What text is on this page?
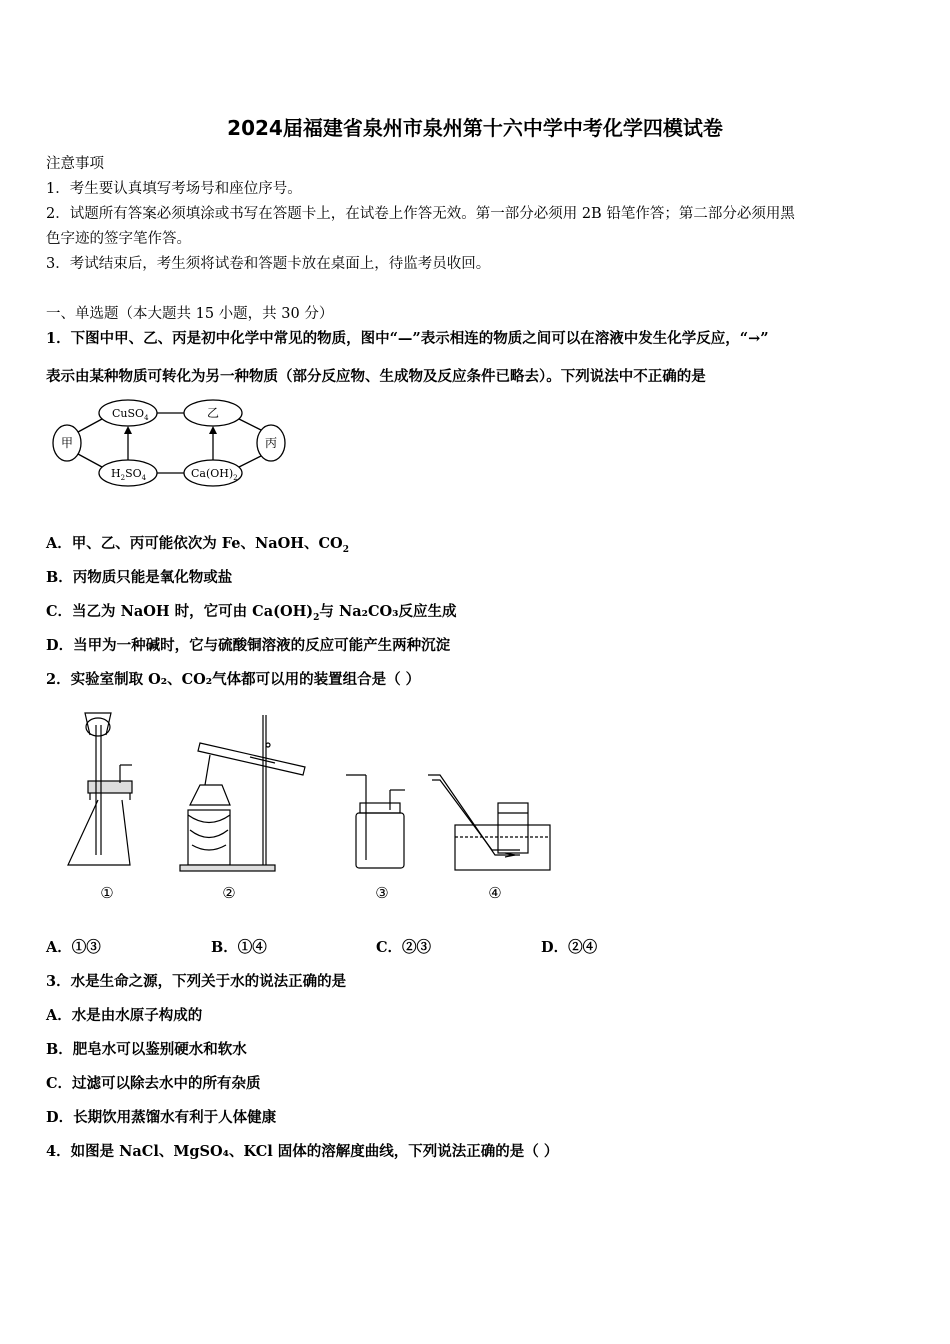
2024届福建省泉州市泉州第十六中学中考化学四模试卷
注意事项
1．考生要认真填写考场号和座位序号。
2．试题所有答案必须填涂或书写在答题卡上，在试卷上作答无效。第一部分必须用 2B 铅笔作答；第二部分必须用黑
色字迹的签字笔作答。
3．考试结束后，考生须将试卷和答题卡放在桌面上，待监考员收回。
一、单选题（本大题共 15 小题，共 30 分）
1．下图中甲、乙、丙是初中化学中常见的物质，图中“—”表示相连的物质之间可以在溶液中发生化学反应，“→”
表示由某种物质可转化为另一种物质（部分反应物、生成物及反应条件已略去）。下列说法中不正确的是
甲
CuSO$_4$	乙
丙
$H_2SO_4$	$Ca(OH)_2$
A．甲、乙、丙可能依次为 Fe、NaOH、$CO_2$
B．丙物质只能是氧化物或盐
C．当乙为 NaOH 时，它可由 $Ca(OH)_2$与 Na₂CO₃反应生成
D．当甲为一种碱时，它与硫酸铜溶液的反应可能产生两种沉淀
2．实验室制取 O₂、CO₂气体都可以用的装置组合是（ ）
①	②	③	④
A．①③	B．①④	C．②③	D．②④
3．水是生命之源，下列关于水的说法正确的是
A．水是由水原子构成的
B．肥皂水可以鉴别硬水和软水
C．过滤可以除去水中的所有杂质
D．长期饮用蒸馏水有利于人体健康
4．如图是 NaCl、MgSO₄、KCl 固体的溶解度曲线，下列说法正确的是（ ）
